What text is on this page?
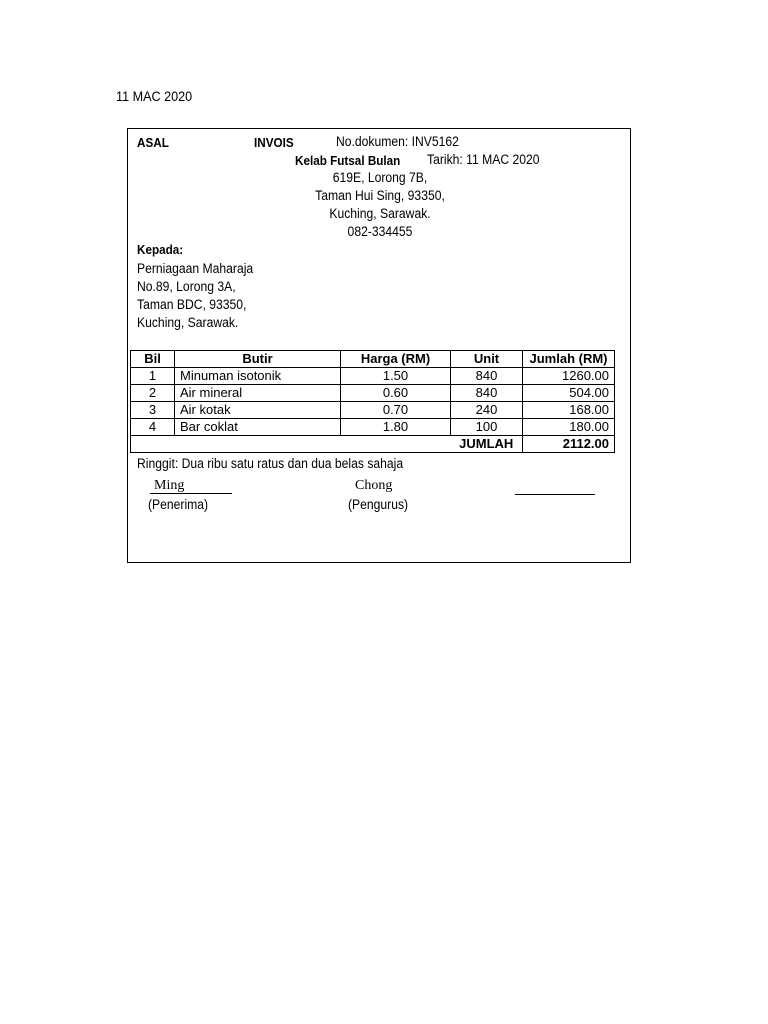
11 MAC 2020
ASAL	INVOIS	No.dokumen: INV5162
Kelab Futsal Bulan Tarikh: 11 MAC 2020
619E, Lorong 7B,
Taman Hui Sing, 93350,
Kuching, Sarawak.
082-334455
Kepada:
Perniagaan Maharaja
No.89, Lorong 3A,
Taman BDC, 93350,
Kuching, Sarawak.
Bil	Butir	Harga (RM)	Unit	Jumlah (RM)
1	Minuman isotonik	1.50	840	1260.00
2	Air mineral	0.60	840	504.00
3	Air kotak	0.70	240	168.00
4	Bar coklat	1.80	100	180.00
			JUMLAH	2112.00
Ringgit: Dua ribu satu ratus dan dua belas sahaja
Ming
(Penerima)
Chong
(Pengurus)
